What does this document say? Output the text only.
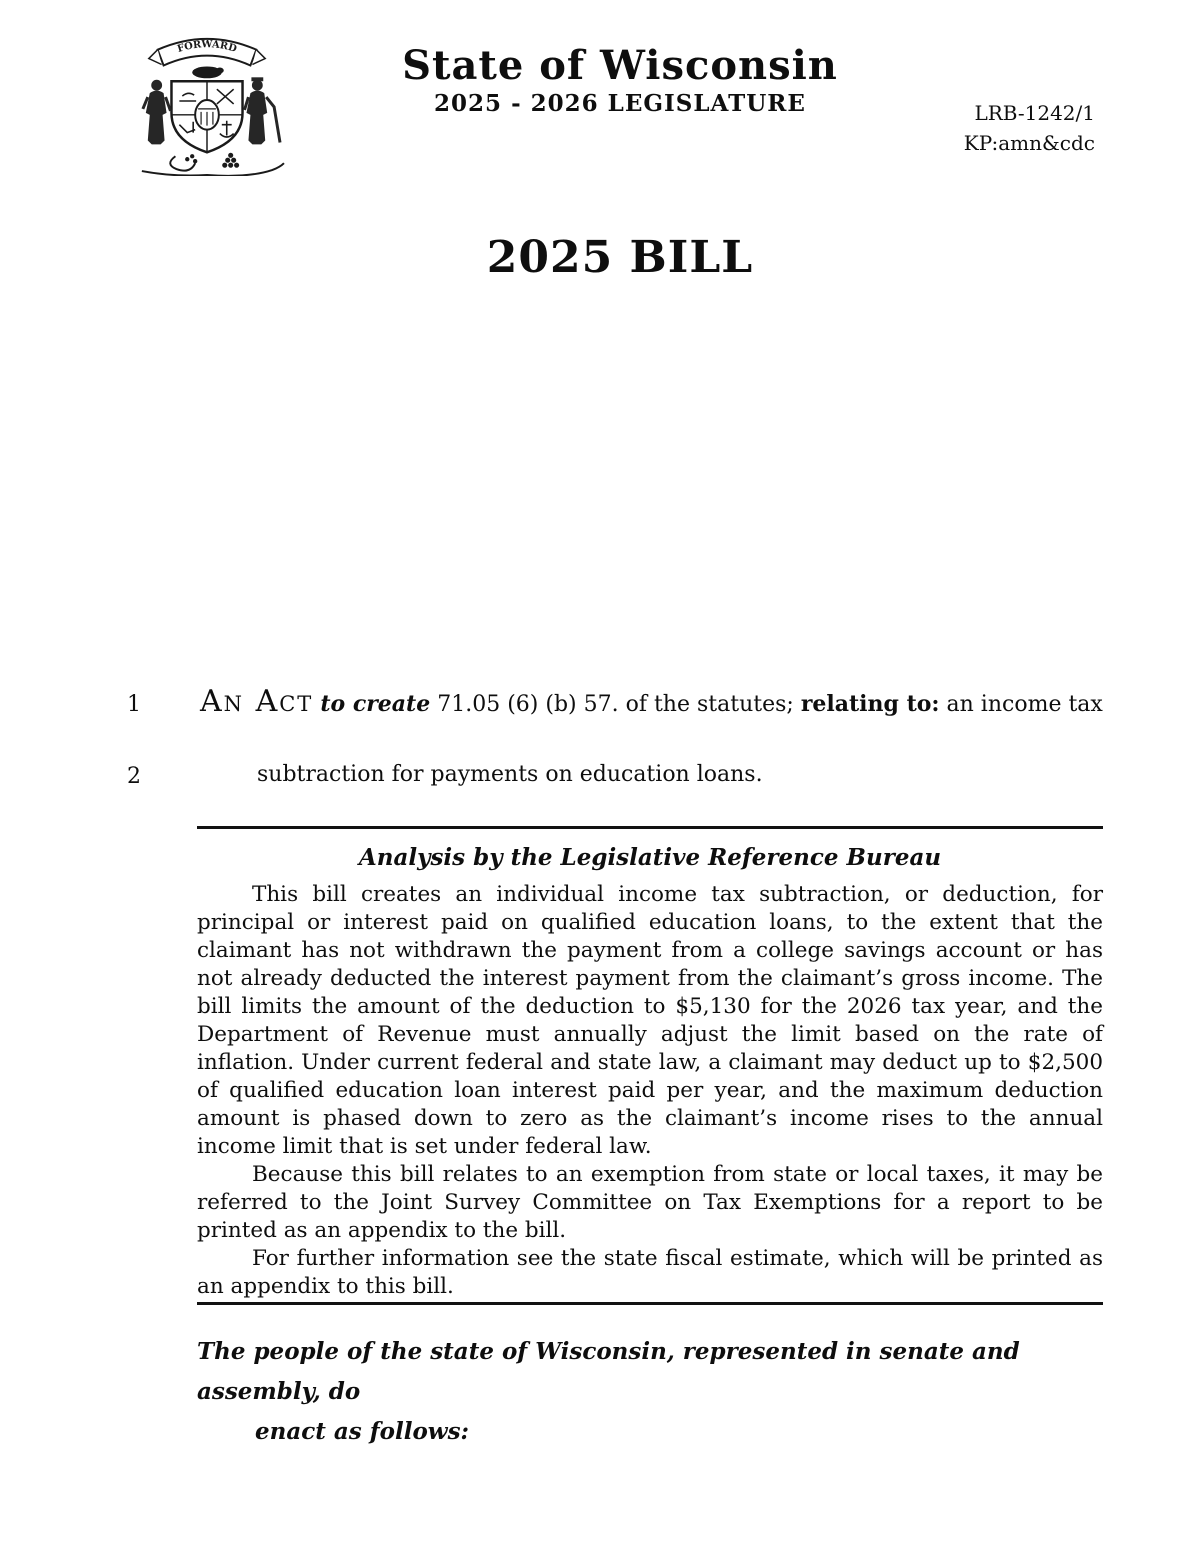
FORWARD	State of Wisconsin
2025 - 2026 LEGISLATURE	LRB-1242/1
KP:amn&cdc
2025 BILL
1
2
An Act to create 71.05 (6) (b) 57. of the statutes; relating to: an income tax
subtraction for payments on education loans.
Analysis by the Legislative Reference Bureau

This bill creates an individual income tax subtraction, or deduction, for principal or interest paid on qualified education loans, to the extent that the claimant has not withdrawn the payment from a college savings account or has not already deducted the interest payment from the claimant’s gross income. The bill limits the amount of the deduction to $5,130 for the 2026 tax year, and the Department of Revenue must annually adjust the limit based on the rate of inflation. Under current federal and state law, a claimant may deduct up to $2,500 of qualified education loan interest paid per year, and the maximum deduction amount is phased down to zero as the claimant’s income rises to the annual income limit that is set under federal law.

Because this bill relates to an exemption from state or local taxes, it may be referred to the Joint Survey Committee on Tax Exemptions for a report to be printed as an appendix to the bill.

For further information see the state fiscal estimate, which will be printed as an appendix to this bill.

The people of the state of Wisconsin, represented in senate and assembly, do
enact as follows:
